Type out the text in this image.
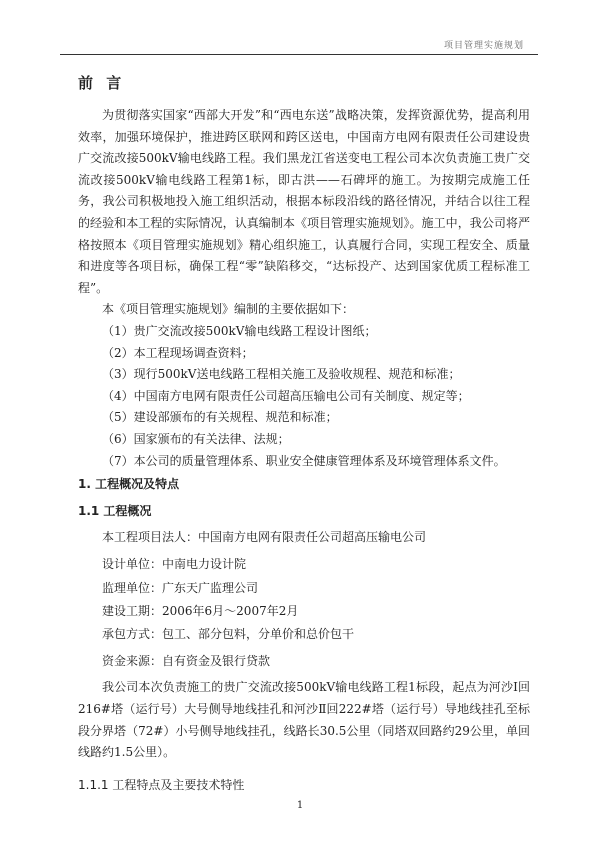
项目管理实施规划
前 言

为贯彻落实国家“西部大开发”和“西电东送”战略决策，发挥资源优势，提高利用效率，加强环境保护，推进跨区联网和跨区送电，中国南方电网有限责任公司建设贵广交流改接500kV输电线路工程。我们黑龙江省送变电工程公司本次负责施工贵广交流改接500kV输电线路工程第1标，即古洪——石碑坪的施工。为按期完成施工任务，我公司积极地投入施工组织活动，根据本标段沿线的路径情况，并结合以往工程的经验和本工程的实际情况，认真编制本《项目管理实施规划》。施工中，我公司将严格按照本《项目管理实施规划》精心组织施工，认真履行合同，实现工程安全、质量和进度等各项目标，确保工程“零”缺陷移交，“达标投产、达到国家优质工程标准工程”。

本《项目管理实施规划》编制的主要依据如下：

（1）贵广交流改接500kV输电线路工程设计图纸；

（2）本工程现场调查资料；

（3）现行500kV送电线路工程相关施工及验收规程、规范和标准；

（4）中国南方电网有限责任公司超高压输电公司有关制度、规定等；

（5）建设部颁布的有关规程、规范和标准；

（6）国家颁布的有关法律、法规；

（7）本公司的质量管理体系、职业安全健康管理体系及环境管理体系文件。

1. 工程概况及特点
1.1 工程概况

本工程项目法人：中国南方电网有限责任公司超高压输电公司

设计单位：中南电力设计院

监理单位：广东天广监理公司

建设工期：2006年6月～2007年2月

承包方式：包工、部分包料，分单价和总价包干

资金来源：自有资金及银行贷款

我公司本次负责施工的贵广交流改接500kV输电线路工程1标段，起点为河沙Ⅰ回216#塔（运行号）大号侧导地线挂孔和河沙Ⅱ回222#塔（运行号）导地线挂孔至标段分界塔（72#）小号侧导地线挂孔，线路长30.5公里（同塔双回路约29公里，单回线路约1.5公里）。

1.1.1 工程特点及主要技术特性
1
